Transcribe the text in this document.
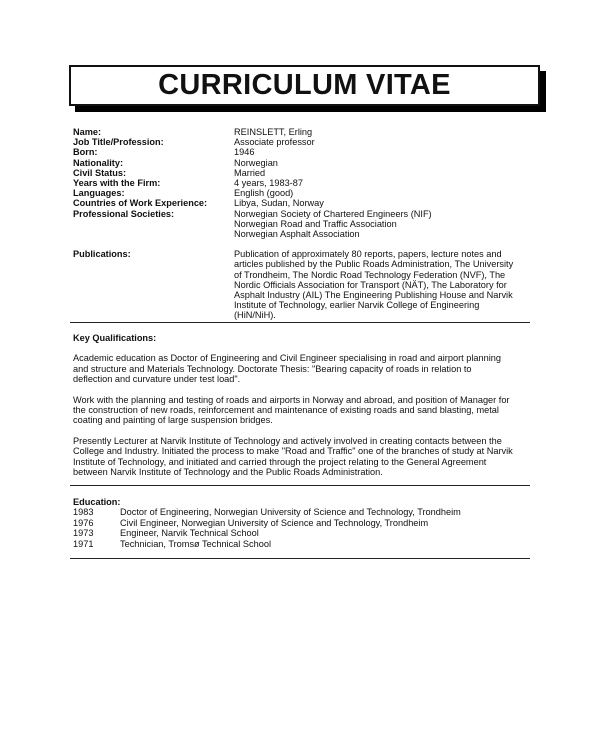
CURRICULUM VITAE
Name:	REINSLETT, Erling
Job Title/Profession:	Associate professor
Born:	1946
Nationality:	Norwegian
Civil Status:	Married
Years with the Firm:	4 years, 1983-87
Languages:	English (good)
Countries of Work Experience:	Libya, Sudan, Norway
Professional Societies:	Norwegian Society of Chartered Engineers (NIF)
Norwegian Road and Traffic Association
Norwegian Asphalt Association
Publications:	Publication of approximately 80 reports, papers, lecture notes and
articles published by the Public Roads Administration, The University
of Trondheim, The Nordic Road Technology Federation (NVF), The
Nordic Officials Association for Transport (NÄT), The Laboratory for
Asphalt Industry (AIL) The Engineering Publishing House and Narvik
Institute of Technology, earlier Narvik College of Engineering
(HiN/NiH).
Key Qualifications:

Academic education as Doctor of Engineering and Civil Engineer specialising in road and airport planning
and structure and Materials Technology. Doctorate Thesis: "Bearing capacity of roads in relation to
deflection and curvature under test load".

Work with the planning and testing of roads and airports in Norway and abroad, and position of Manager for
the construction of new roads, reinforcement and maintenance of existing roads and sand blasting, metal
coating and painting of large suspension bridges.

Presently Lecturer at Narvik Institute of Technology and actively involved in creating contacts between the
College and Industry. Initiated the process to make "Road and Traffic" one of the branches of study at Narvik
Institute of Technology, and initiated and carried through the project relating to the General Agreement
between Narvik Institute of Technology and the Public Roads Administration.

Education:
1983	Doctor of Engineering, Norwegian University of Science and Technology, Trondheim
1976	Civil Engineer, Norwegian University of Science and Technology, Trondheim
1973	Engineer, Narvik Technical School
1971	Technician, Tromsø Technical School
